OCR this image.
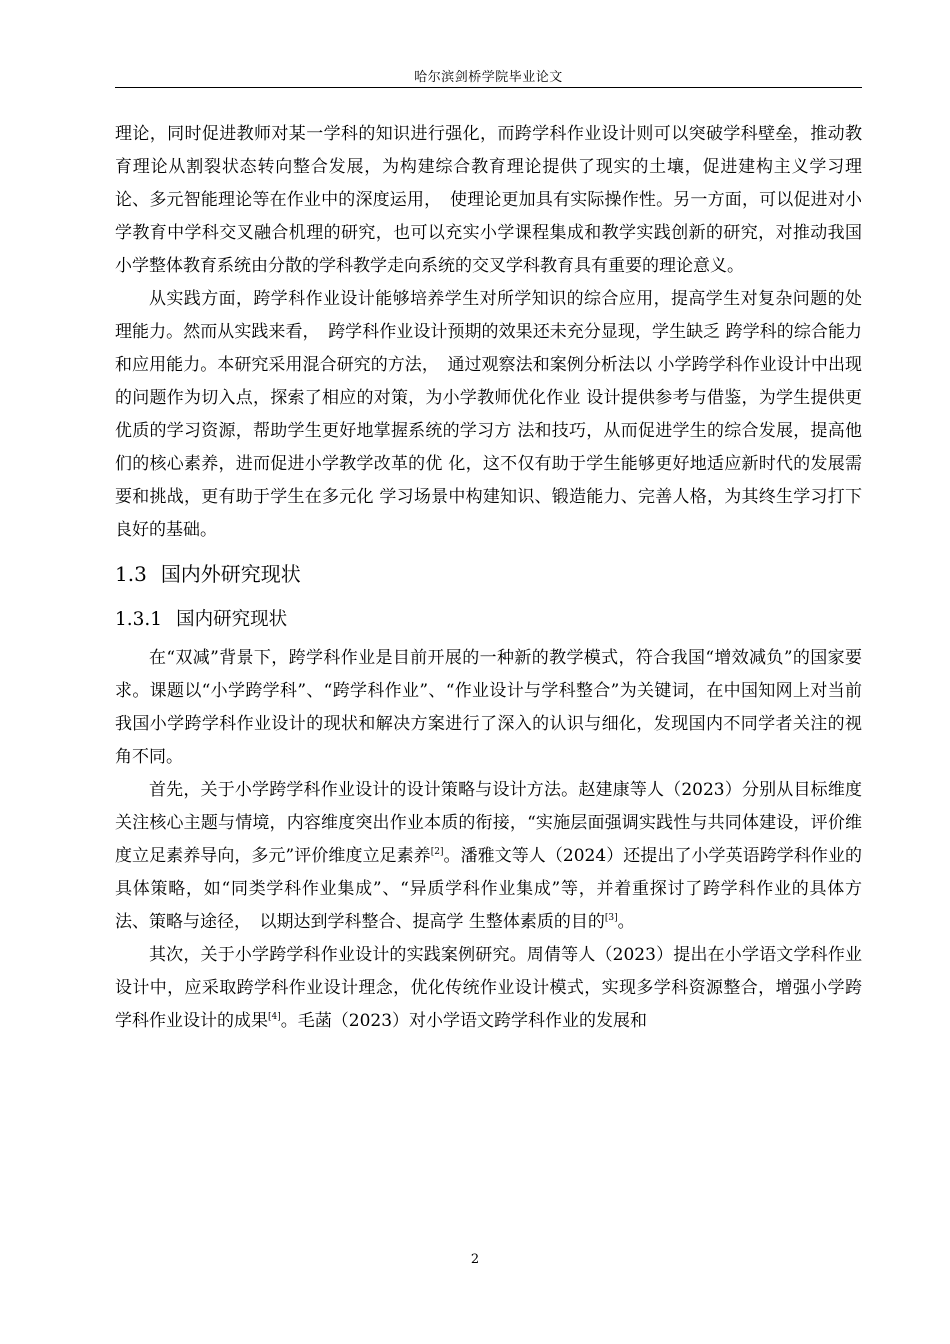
哈尔滨剑桥学院毕业论文

理论，同时促进教师对某一学科的知识进行强化，而跨学科作业设计则可以突破学科壁垒，推动教育理论从割裂状态转向整合发展，为构建综合教育理论提供了现实的土壤，促进建构主义学习理论、多元智能理论等在作业中的深度运用，　使理论更加具有实际操作性。另一方面，可以促进对小学教育中学科交叉融合机理的研究，也可以充实小学课程集成和教学实践创新的研究，对推动我国小学整体教育系统由分散的学科教学走向系统的交叉学科教育具有重要的理论意义。

从实践方面，跨学科作业设计能够培养学生对所学知识的综合应用，提高学生对复杂问题的处理能力。然而从实践来看，　跨学科作业设计预期的效果还未充分显现，学生缺乏 跨学科的综合能力和应用能力。本研究采用混合研究的方法，　通过观察法和案例分析法以 小学跨学科作业设计中出现的问题作为切入点，探索了相应的对策，为小学教师优化作业 设计提供参考与借鉴，为学生提供更优质的学习资源，帮助学生更好地掌握系统的学习方 法和技巧，从而促进学生的综合发展，提高他们的核心素养，进而促进小学教学改革的优 化，这不仅有助于学生能够更好地适应新时代的发展需要和挑战，更有助于学生在多元化 学习场景中构建知识、锻造能力、完善人格，为其终生学习打下良好的基础。

1.3 国内外研究现状
1.3.1 国内研究现状

在“双减”背景下，跨学科作业是目前开展的一种新的教学模式，符合我国“增效减负”的国家要求。课题以“小学跨学科”、“跨学科作业”、“作业设计与学科整合”为关键词，在中国知网上对当前我国小学跨学科作业设计的现状和解决方案进行了深入的认识与细化，发现国内不同学者关注的视角不同。

首先，关于小学跨学科作业设计的设计策略与设计方法。赵建康等人（2023）分别从目标维度关注核心主题与情境，内容维度突出作业本质的衔接，“实施层面强调实践性与共同体建设，评价维度立足素养导向，多元”评价维度立足素养[2]。潘雅文等人（2024）还提出了小学英语跨学科作业的具体策略，如“同类学科作业集成”、“异质学科作业集成”等，并着重探讨了跨学科作业的具体方法、策略与途径，　以期达到学科整合、提高学 生整体素质的目的[3]。

其次，关于小学跨学科作业设计的实践案例研究。周倩等人（2023）提出在小学语文学科作业设计中，应采取跨学科作业设计理念，优化传统作业设计模式，实现多学科资源整合，增强小学跨学科作业设计的成果[4]。毛菡（2023）对小学语文跨学科作业的发展和

2
